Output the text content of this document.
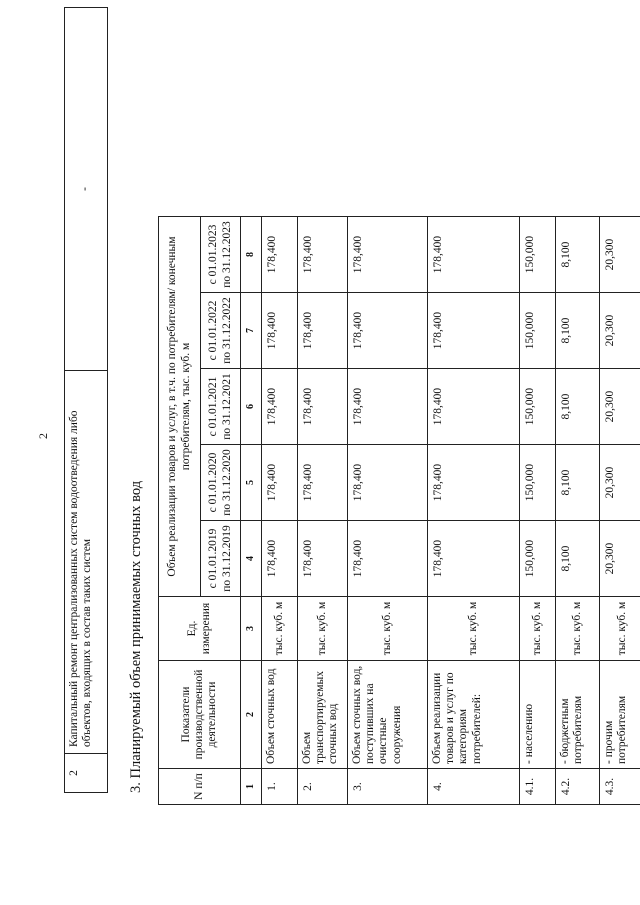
2
2	Капитальный ремонт централизованных систем водоотведения либо объектов, входящих в состав таких систем	-
3. Планируемый объем принимаемых сточных вод	N п/п	Показатели производственной деятельности	Ед. измерения	Объем реализации товаров и услуг, в т.ч. по потребителям/ конечным потребителям, тыс. куб. м				
			с 01.01.2019 по 31.12.2019	с 01.01.2020 по 31.12.2020	с 01.01.2021 по 31.12.2021	с 01.01.2022 по 31.12.2022	с 01.01.2023 по 31.12.2023
1	2	3	4	5	6	7	8
1.	Объем сточных вод	тыс. куб. м	178,400	178,400	178,400	178,400	178,400
2.	Объем транспортируемых сточных вод	тыс. куб. м	178,400	178,400	178,400	178,400	178,400
3.	Объем сточных вод, поступивших на очистные сооружения	тыс. куб. м	178,400	178,400	178,400	178,400	178,400
4.	Объем реализации товаров и услуг по категориям потребителей:	тыс. куб. м	178,400	178,400	178,400	178,400	178,400
4.1.	- населению	тыс. куб. м	150,000	150,000	150,000	150,000	150,000
4.2.	- бюджетным потребителям	тыс. куб. м	8,100	8,100	8,100	8,100	8,100
4.3.	- прочим потребителям	тыс. куб. м	20,300	20,300	20,300	20,300	20,300
